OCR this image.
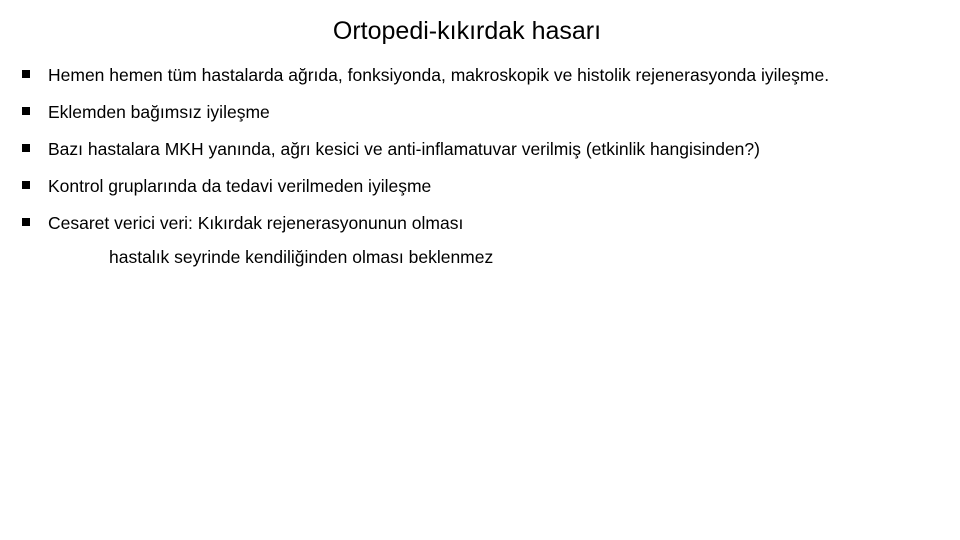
Ortopedi-kıkırdak hasarı
Hemen hemen tüm hastalarda ağrıda, fonksiyonda, makroskopik ve histolik rejenerasyonda iyileşme.
Eklemden bağımsız iyileşme
Bazı hastalara MKH yanında, ağrı kesici ve anti-inflamatuvar verilmiş (etkinlik hangisinden?)
Kontrol gruplarında da tedavi verilmeden iyileşme
Cesaret verici veri: Kıkırdak rejenerasyonunun olması
hastalık seyrinde kendiliğinden olması beklenmez
